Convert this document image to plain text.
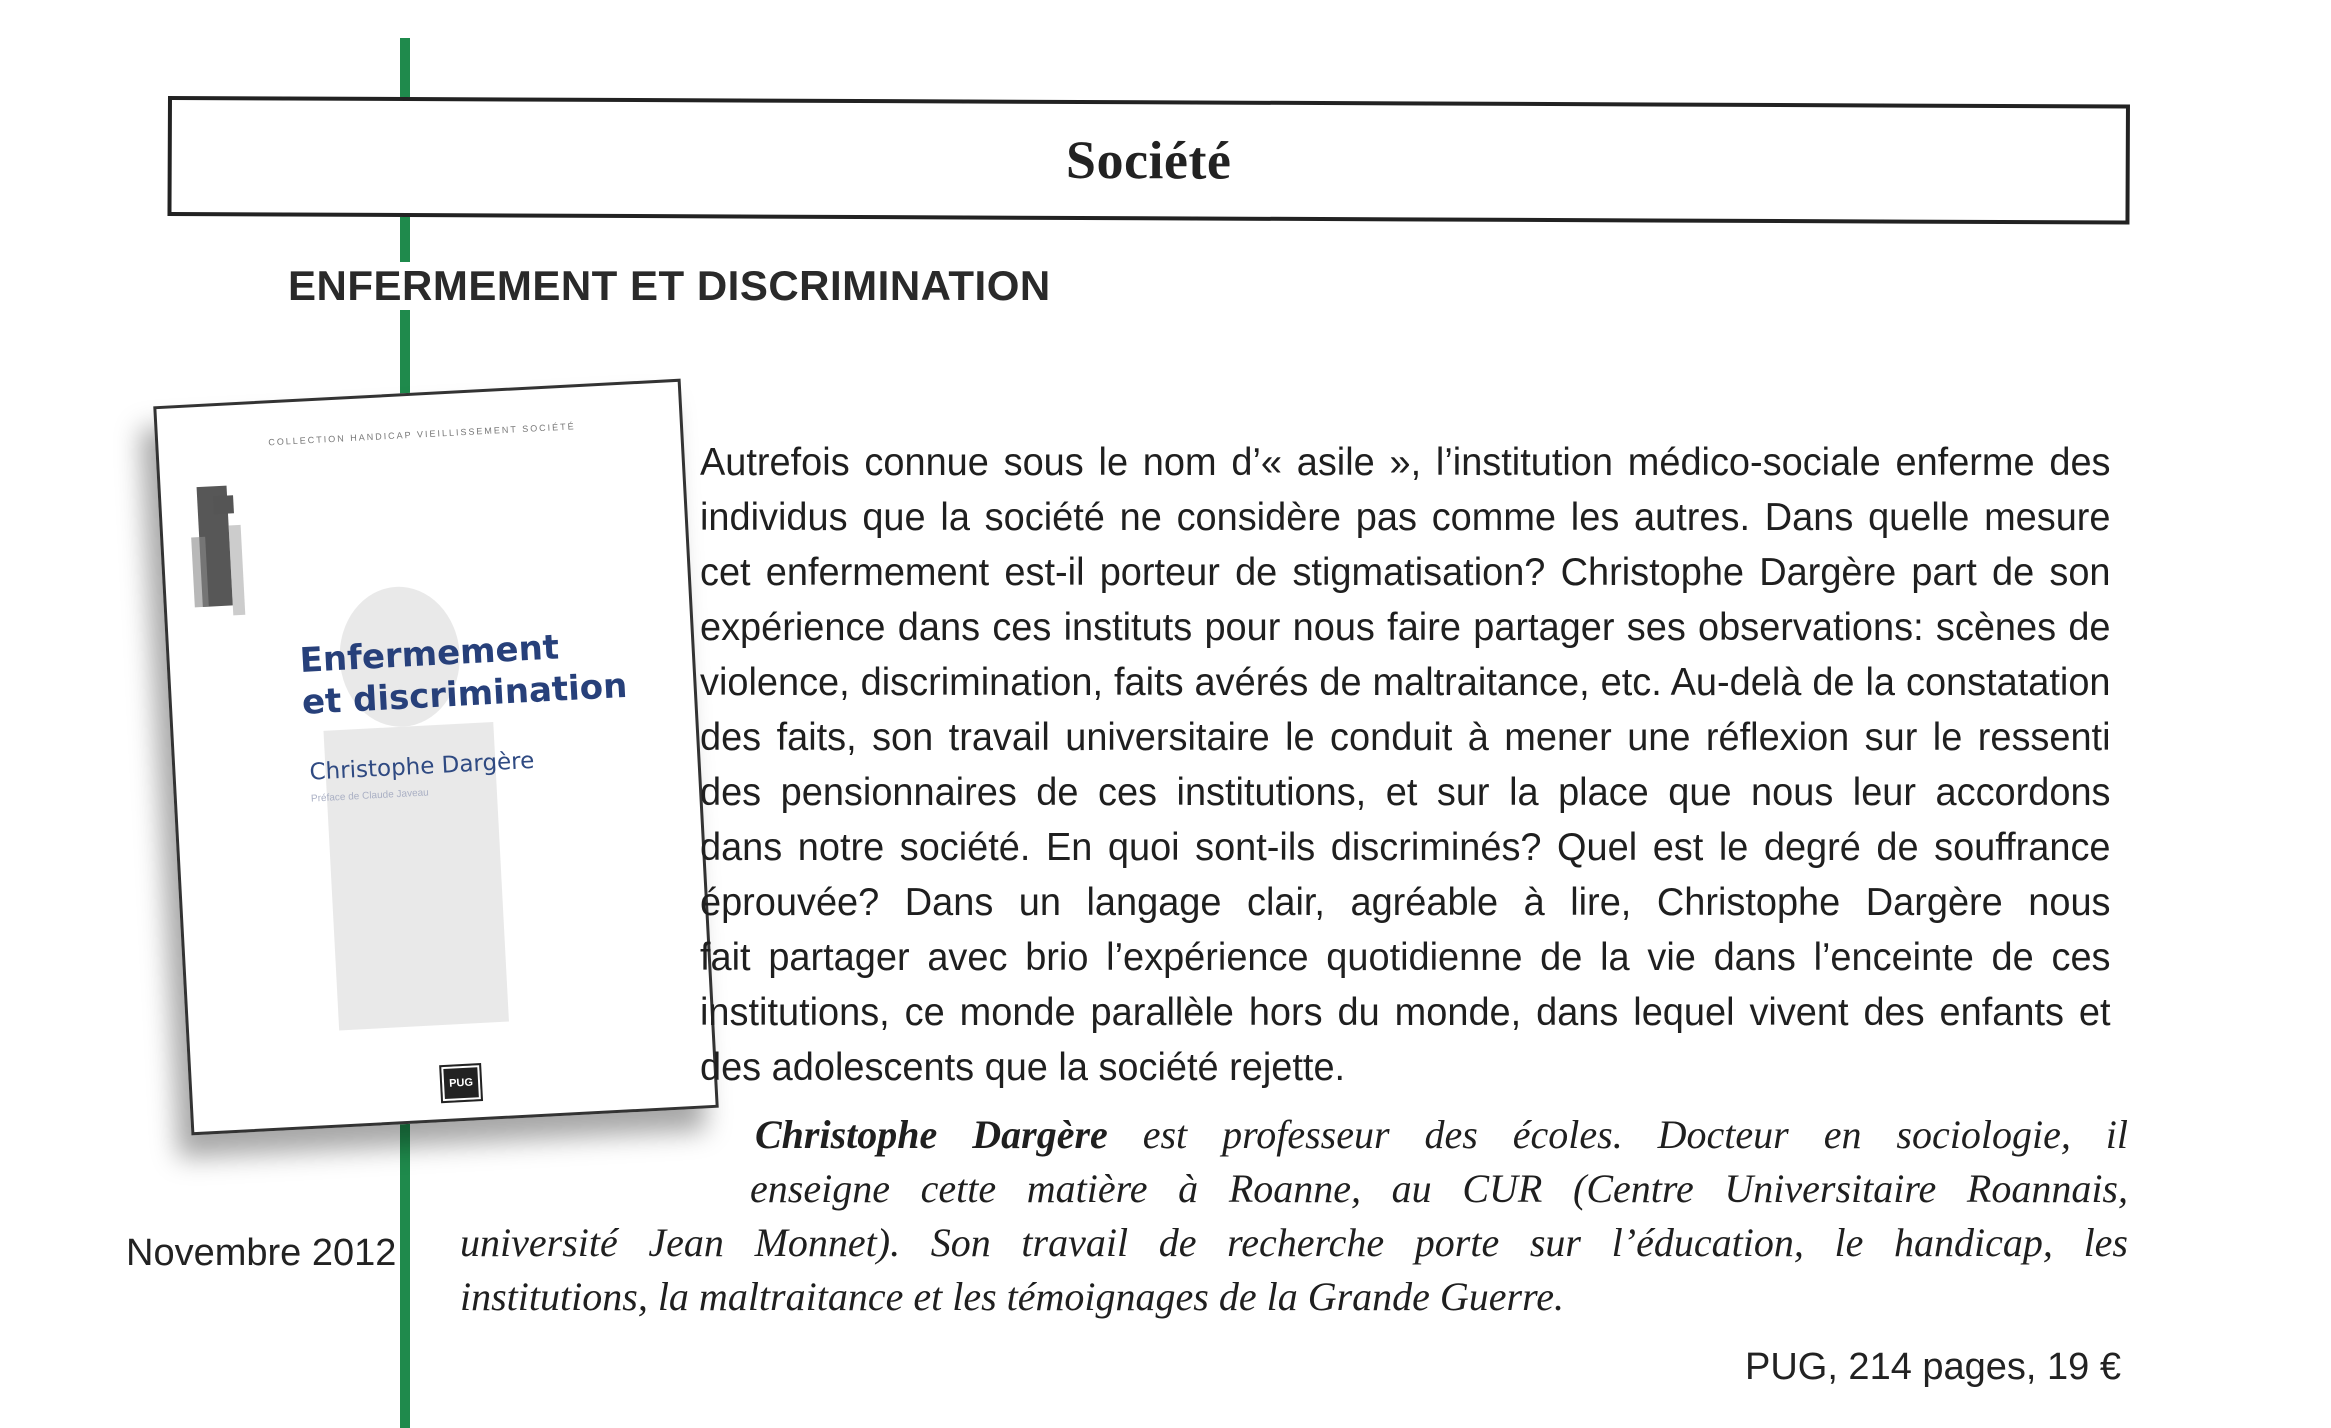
Société
ENFERMEMENT ET DISCRIMINATION
COLLECTION HANDICAP VIEILLISSEMENT SOCIÉTÉ
Enfermement
et discrimination
Christophe Dargère
Préface de Claude Javeau
PUG
Autrefois connue sous le nom d’« asile », l’institution médico-sociale enferme des
individus que la société ne considère pas comme les autres. Dans quelle mesure
cet enfermement est-il porteur de stigmatisation? Christophe Dargère part de son
expérience dans ces instituts pour nous faire partager ses observations: scènes de
violence, discrimination, faits avérés de maltraitance, etc. Au-delà de la constatation
des faits, son travail universitaire le conduit à mener une réflexion sur le ressenti
des pensionnaires de ces institutions, et sur la place que nous leur accordons
dans notre société. En quoi sont-ils discriminés? Quel est le degré de souffrance
éprouvée? Dans un langage clair, agréable à lire, Christophe Dargère nous
fait partager avec brio l’expérience quotidienne de la vie dans l’enceinte de ces
institutions, ce monde parallèle hors du monde, dans lequel vivent des enfants et
des adolescents que la société rejette.
Christophe Dargère est professeur des écoles. Docteur en sociologie, il
enseigne cette matière à Roanne, au CUR (Centre Universitaire Roannais,
université Jean Monnet). Son travail de recherche porte sur l’éducation, le handicap, les
institutions, la maltraitance et les témoignages de la Grande Guerre.
Novembre 2012
PUG, 214 pages, 19 €
